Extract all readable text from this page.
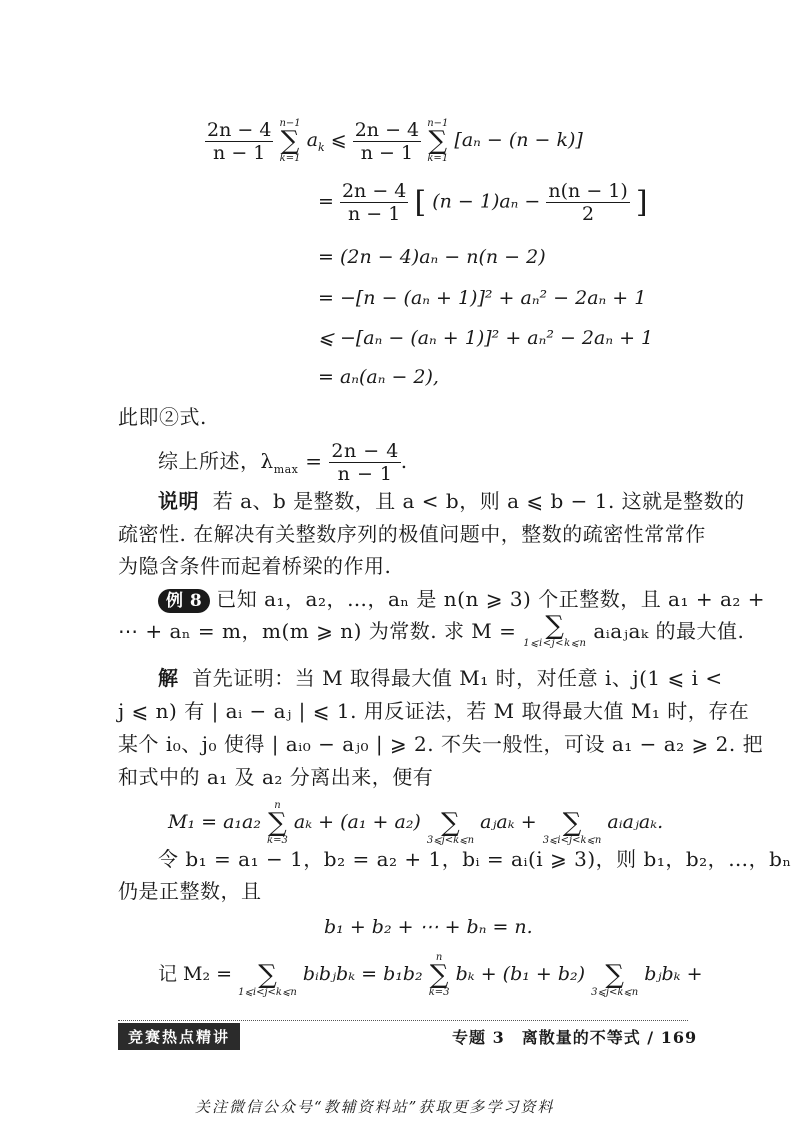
$\frac{2n - 4}{n - 1}$
n−1
∑
k=1
$a_k$ ⩽ $\frac{2n - 4}{n - 1}$
n−1
∑
k=1
[aₙ − (n − k)]
= $\frac{2n - 4}{n - 1}$ [ $(n - 1)a_n - \frac{n(n - 1)}{2}$ ]
= (2n − 4)aₙ − n(n − 2)
= −[n − (aₙ + 1)]² + aₙ² − 2aₙ + 1
⩽ −[aₙ − (aₙ + 1)]² + aₙ² − 2aₙ + 1
= aₙ(aₙ − 2),
此即②式.
综上所述，$\lambda_{max} = \frac{2n - 4}{n - 1}$ .
说明 若 a、b 是整数，且 a < b，则 a ⩽ b − 1. 这就是整数的
疏密性. 在解决有关整数序列的极值问题中，整数的疏密性常常作
为隐含条件而起着桥梁的作用.
例 8 已知 a₁，a₂，…，aₙ 是 n(n ⩾ 3) 个正整数，且 a₁ + a₂ +
⋯ + aₙ = m，m(m ⩾ n) 为常数. 求 M =	∑
1⩽i<j<k⩽n
aᵢaⱼaₖ 的最大值.
解 首先证明：当 M 取得最大值 M₁ 时，对任意 i、j(1 ⩽ i <
j ⩽ n) 有 | aᵢ − aⱼ | ⩽ 1. 用反证法，若 M 取得最大值 M₁ 时，存在
某个 i₀、j₀ 使得 | aᵢ₀ − aⱼ₀ | ⩾ 2. 不失一般性，可设 a₁ − a₂ ⩾ 2. 把
和式中的 a₁ 及 a₂ 分离出来，便有
M₁ = a₁a₂
n
∑
k=3
aₖ + (a₁ + a₂)
∑
3⩽j<k⩽n
aⱼaₖ +
	∑
3⩽i<j<k⩽n
aᵢaⱼaₖ.
令 b₁ = a₁ − 1，b₂ = a₂ + 1，bᵢ = aᵢ(i ⩾ 3)，则 b₁，b₂，…，bₙ
仍是正整数，且
b₁ + b₂ + ⋯ + bₙ = n.
记 M₂ =
	∑
1⩽i<j<k⩽n
bᵢbⱼbₖ = b₁b₂
n
∑
k=3
bₖ + (b₁ + b₂)
∑
3⩽j<k⩽n
bⱼbₖ +
竞赛热点精讲	专题 3　离散量的不等式 / 169
关注微信公众号“教辅资料站”获取更多学习资料
